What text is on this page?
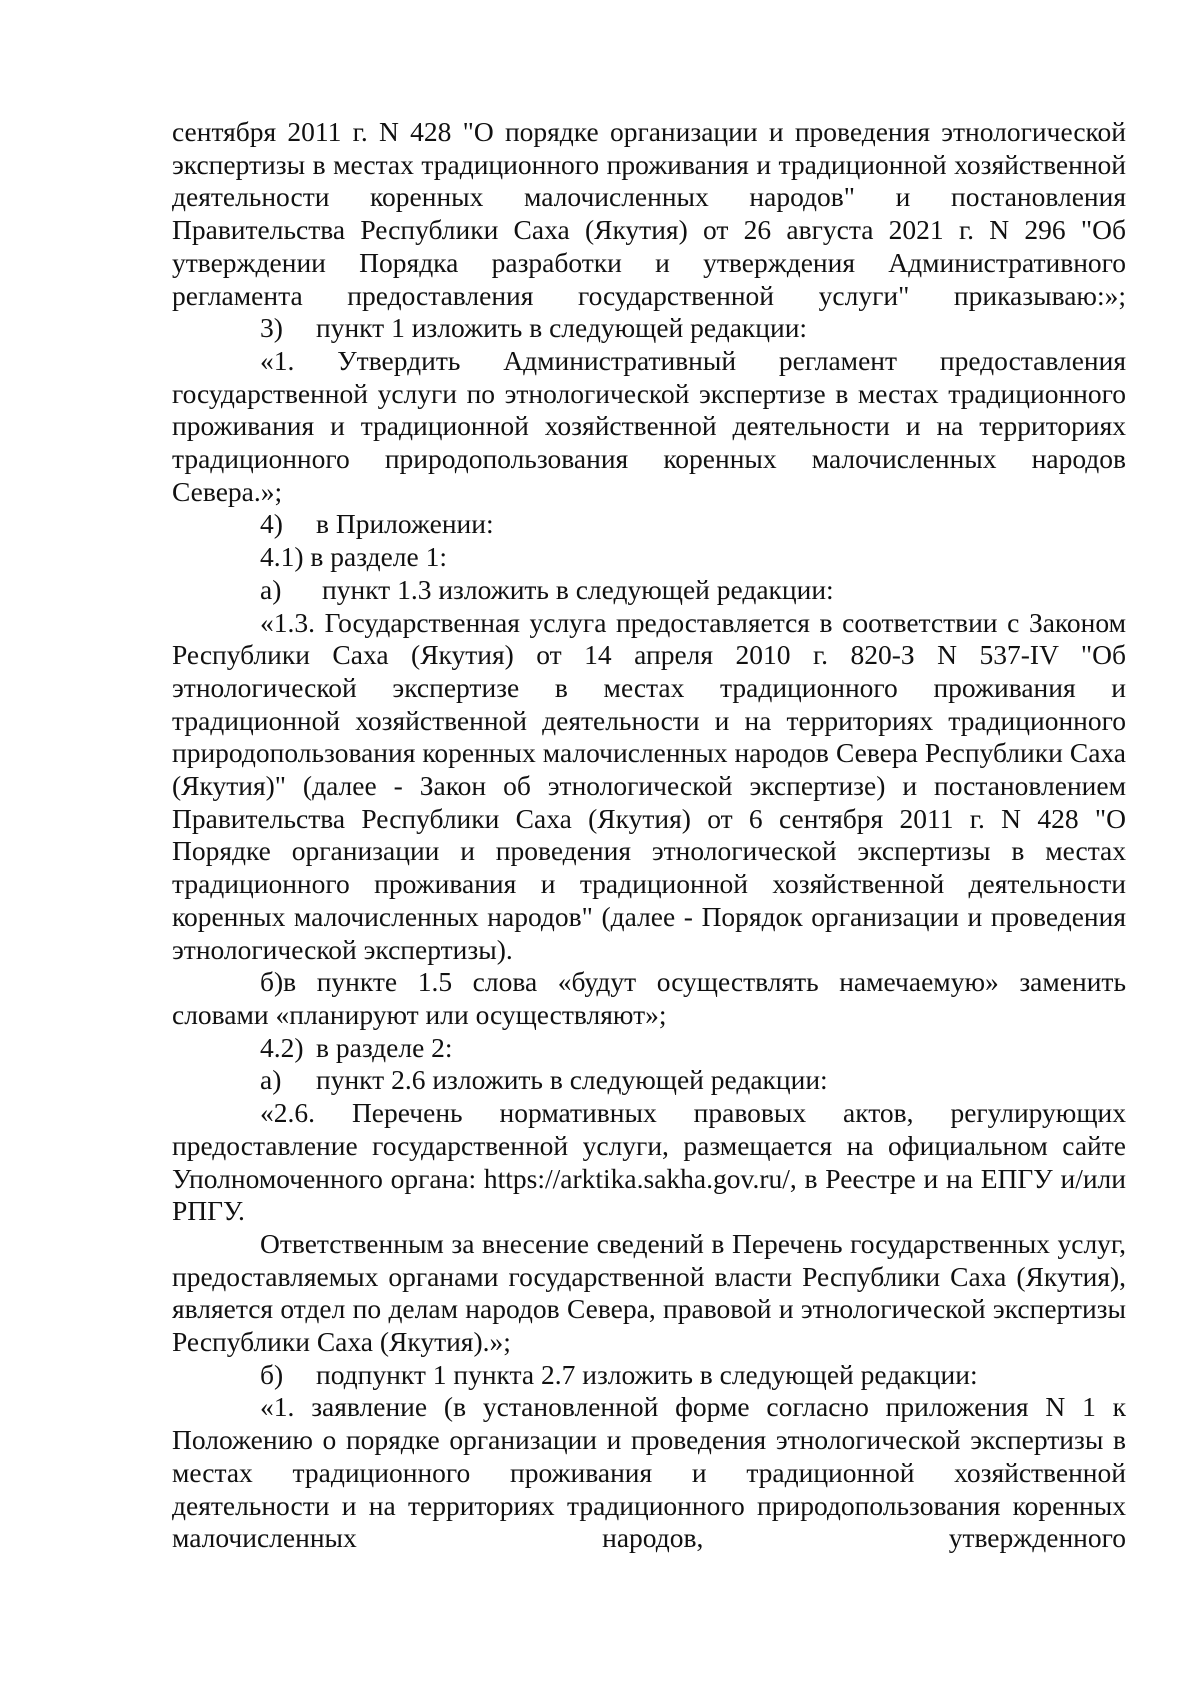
сентября 2011 г. N 428 "О порядке организации и проведения этнологической экспертизы в местах традиционного проживания и традиционной хозяйственной деятельности коренных малочисленных народов" и постановления Правительства Республики Саха (Якутия) от 26 августа 2021 г. N 296 "Об утверждении Порядка разработки и утверждения Административного регламента предоставления государственной услуги" приказываю:»;

3) пункт 1 изложить в следующей редакции:

«1. Утвердить Административный регламент предоставления государственной услуги по этнологической экспертизе в местах традиционного проживания и традиционной хозяйственной деятельности и на территориях традиционного природопользования коренных малочисленных народов Севера.»;

4) в Приложении:

4.1) в разделе 1:

а) пункт 1.3 изложить в следующей редакции:

«1.3. Государственная услуга предоставляется в соответствии с Законом Республики Саха (Якутия) от 14 апреля 2010 г. 820-З N 537-IV "Об этнологической экспертизе в местах традиционного проживания и традиционной хозяйственной деятельности и на территориях традиционного природопользования коренных малочисленных народов Севера Республики Саха (Якутия)" (далее - Закон об этнологической экспертизе) и постановлением Правительства Республики Саха (Якутия) от 6 сентября 2011 г. N 428 "О Порядке организации и проведения этнологической экспертизы в местах традиционного проживания и традиционной хозяйственной деятельности коренных малочисленных народов" (далее - Порядок организации и проведения этнологической экспертизы).

б)в пункте 1.5 слова «будут осуществлять намечаемую» заменить словами «планируют или осуществляют»;

4.2) в разделе 2:

а) пункт 2.6 изложить в следующей редакции:

«2.6. Перечень нормативных правовых актов, регулирующих предоставление государственной услуги, размещается на официальном сайте Уполномоченного органа: https://arktika.sakha.gov.ru/, в Реестре и на ЕПГУ и/или РПГУ.

Ответственным за внесение сведений в Перечень государственных услуг, предоставляемых органами государственной власти Республики Саха (Якутия), является отдел по делам народов Севера, правовой и этнологической экспертизы Республики Саха (Якутия).»;

б) подпункт 1 пункта 2.7 изложить в следующей редакции:

«1. заявление (в установленной форме согласно приложения N 1 к Положению о порядке организации и проведения этнологической экспертизы в местах традиционного проживания и традиционной хозяйственной деятельности и на территориях традиционного природопользования коренных малочисленных народов, утвержденного
